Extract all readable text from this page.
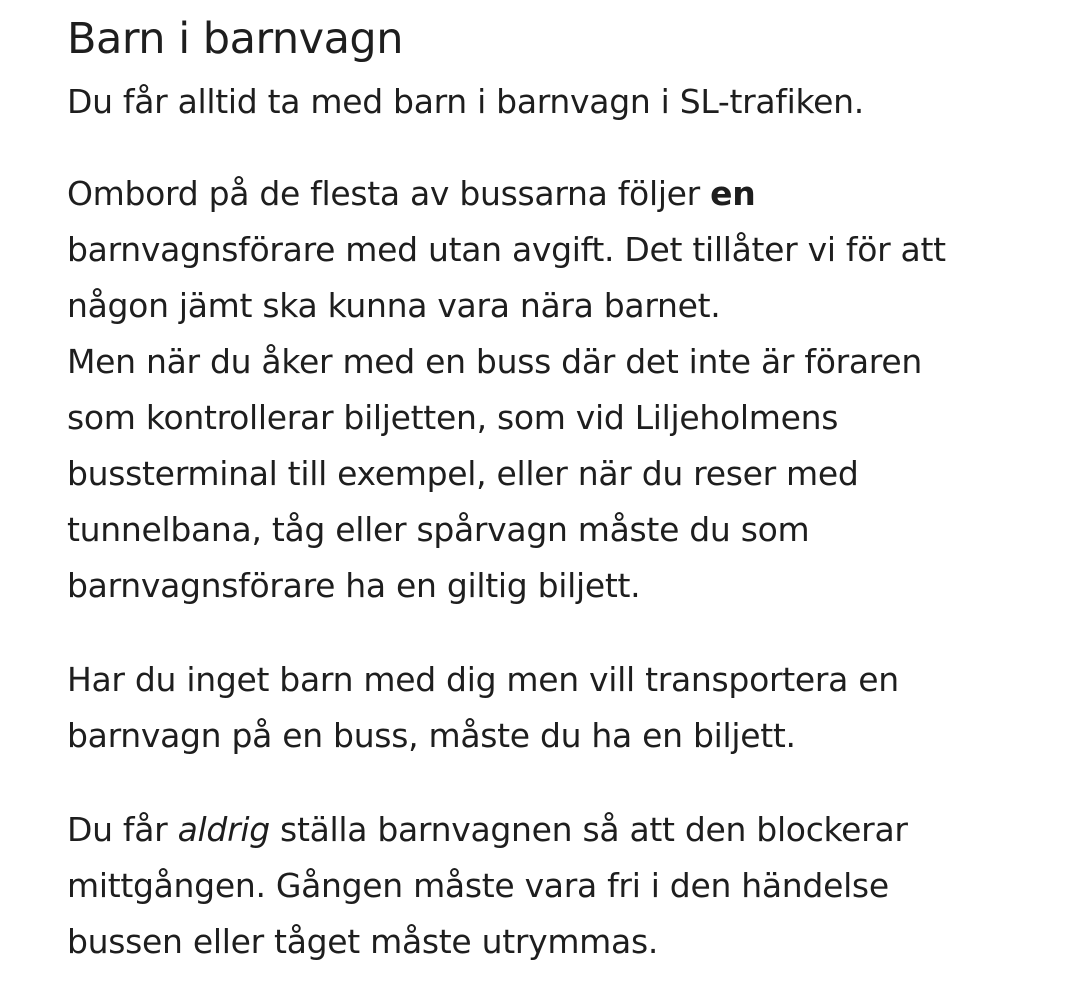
Barn i barnvagn

Du får alltid ta med barn i barnvagn i SL-trafiken.

Ombord på de flesta av bussarna följer en
barnvagnsförare med utan avgift. Det tillåter vi för att
någon jämt ska kunna vara nära barnet.
Men när du åker med en buss där det inte är föraren
som kontrollerar biljetten, som vid Liljeholmens
bussterminal till exempel, eller när du reser med
tunnelbana, tåg eller spårvagn måste du som
barnvagnsförare ha en giltig biljett.

Har du inget barn med dig men vill transportera en
barnvagn på en buss, måste du ha en biljett.

Du får aldrig ställa barnvagnen så att den blockerar
mittgången. Gången måste vara fri i den händelse
bussen eller tåget måste utrymmas.
